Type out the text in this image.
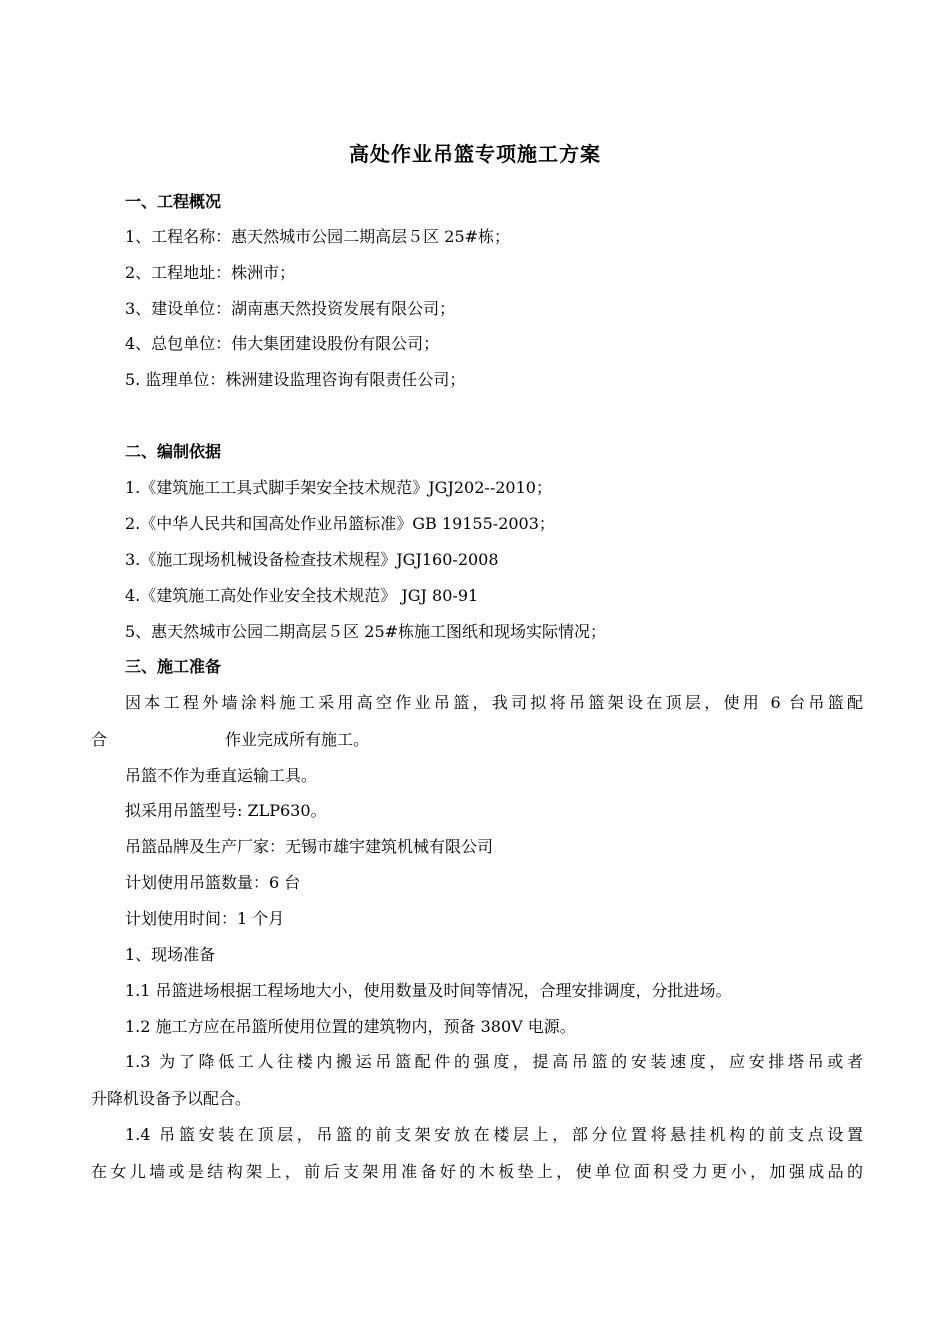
高处作业吊篮专项施工方案
一、工程概况
1、工程名称：惠天然城市公园二期高层５区 25#栋；
2、工程地址：株洲市；
3、建设单位：湖南惠天然投资发展有限公司；
4、总包单位：伟大集团建设股份有限公司；
5. 监理单位：株洲建设监理咨询有限责任公司；
二、编制依据
1.《建筑施工工具式脚手架安全技术规范》JGJ202--2010；
2.《中华人民共和国高处作业吊篮标准》GB 19155-2003；
3.《施工现场机械设备检查技术规程》JGJ160-2008
4.《建筑施工高处作业安全技术规范》 JGJ 80-91
5、惠天然城市公园二期高层５区 25#栋施工图纸和现场实际情况；
三、施工准备
因本工程外墙涂料施工采用高空作业吊篮，我司拟将吊篮架设在顶层，使用 6 台吊篮配
合	作业完成所有施工。
吊篮不作为垂直运输工具。
拟采用吊篮型号: ZLP630。
吊篮品牌及生产厂家：无锡市雄宇建筑机械有限公司
计划使用吊篮数量：6 台
计划使用时间：1 个月
1、现场准备
1.1 吊篮进场根据工程场地大小，使用数量及时间等情况，合理安排调度，分批进场。
1.2 施工方应在吊篮所使用位置的建筑物内，预备 380V 电源。
1.3 为了降低工人往楼内搬运吊篮配件的强度，提高吊篮的安装速度，应安排塔吊或者
升降机设备予以配合。
1.4 吊篮安装在顶层，吊篮的前支架安放在楼层上，部分位置将悬挂机构的前支点设置
在女儿墙或是结构架上，前后支架用准备好的木板垫上，使单位面积受力更小，加强成品的
